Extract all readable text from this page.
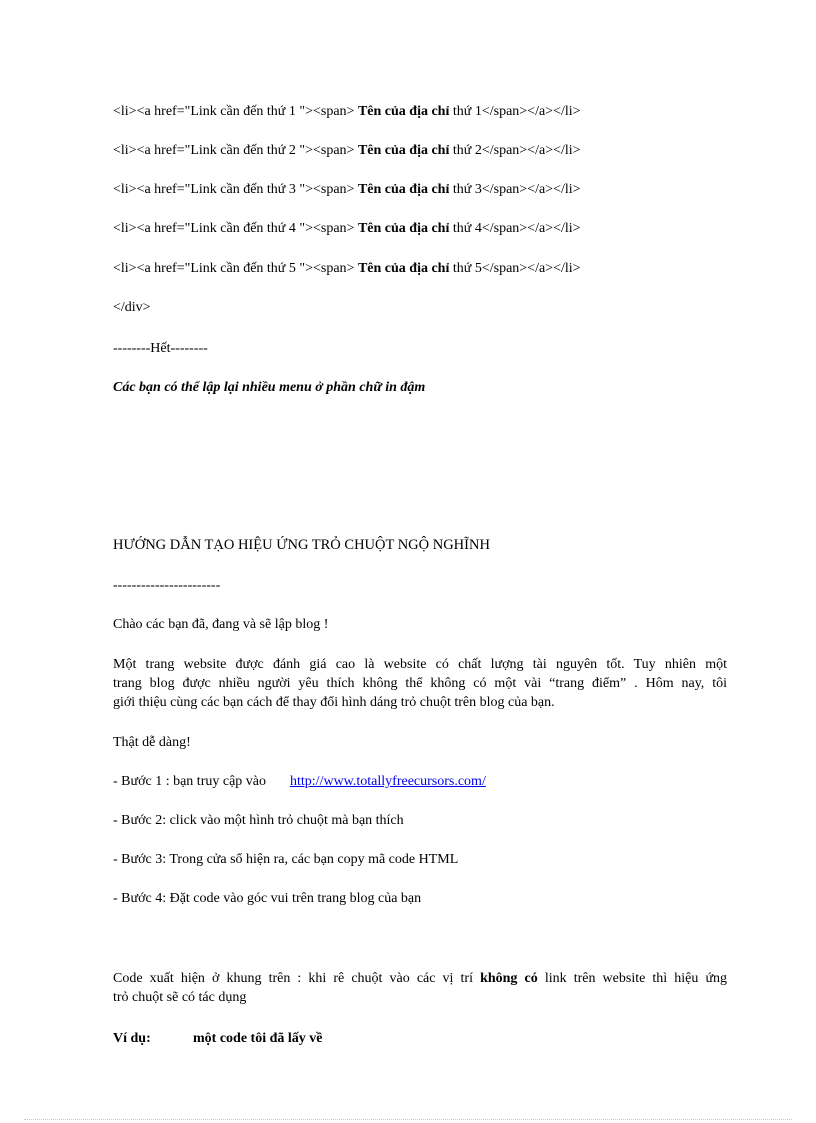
<li><a href="Link cần đến thứ 1 "><span> Tên của địa chỉ thứ 1</span></a></li>
<li><a href="Link cần đến thứ 2 "><span> Tên của địa chỉ thứ 2</span></a></li>
<li><a href="Link cần đến thứ 3 "><span> Tên của địa chỉ thứ 3</span></a></li>
<li><a href="Link cần đến thứ 4 "><span> Tên của địa chỉ thứ 4</span></a></li>
<li><a href="Link cần đến thứ 5 "><span> Tên của địa chỉ thứ 5</span></a></li>
</div>
--------Hết--------
Các bạn có thể lập lại nhiều menu ở phần chữ in đậm
HƯỚNG DẪN TẠO HIỆU ỨNG TRỎ CHUỘT NGỘ NGHĨNH
-----------------------
Chào các bạn đã, đang và sẽ lập blog !
Một trang website được đánh giá cao là website có chất lượng tài nguyên tốt. Tuy nhiên một
trang blog được nhiều người yêu thích không thể không có một vài “trang điểm” . Hôm nay, tôi
giới thiệu cùng các bạn cách để thay đổi hình dáng trỏ chuột trên blog của bạn.
Thật dễ dàng!
- Bước 1 : bạn truy cập vào http://www.totallyfreecursors.com/
- Bước 2: click vào một hình trỏ chuột mà bạn thích
- Bước 3: Trong cửa sổ hiện ra, các bạn copy mã code HTML
- Bước 4: Đặt code vào góc vui trên trang blog của bạn
Code xuất hiện ở khung trên : khi rê chuột vào các vị trí không có link trên website thì hiệu ứng
trỏ chuột sẽ có tác dụng
Ví dụ:	một code tôi đã lấy về
